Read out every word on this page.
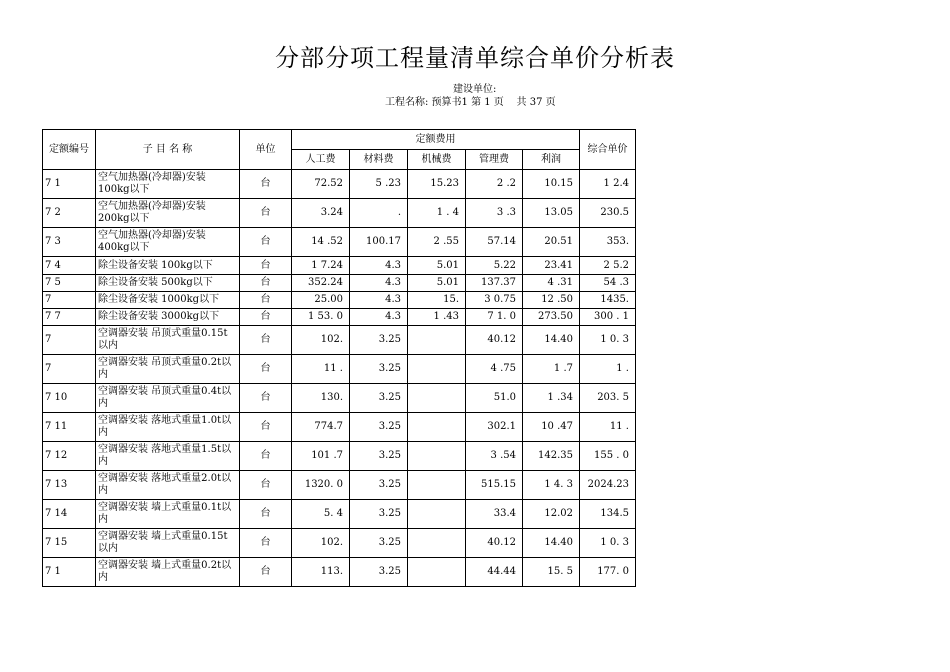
分部分项工程量清单综合单价分析表
建设单位:
工程名称: 预算书1 第 1 页    共 37 页
定额编号	子 目 名 称	单位	定额费用					综合单价
			人工费	材料费	机械费	管理费	利润	
7 1	空气加热器(冷却器)安装100kg以下	台	72.52	5 .23	15.23	2 .2	10.15	1 2.4
7 2	空气加热器(冷却器)安装200kg以下	台	3.24	.	1 . 4	3 .3	13.05	230.5
7 3	空气加热器(冷却器)安装400kg以下	台	14 .52	100.17	2 .55	57.14	20.51	353.
7 4	除尘设备安装 100kg以下	台	1 7.24	4.3	5.01	5.22	23.41	2 5.2
7 5	除尘设备安装 500kg以下	台	352.24	4.3	5.01	137.37	4 .31	54 .3
7	除尘设备安装 1000kg以下	台	25.00	4.3	15.	3 0.75	12 .50	1435.
7 7	除尘设备安装 3000kg以下	台	1 53. 0	4.3	1 .43	7 1. 0	273.50	300 . 1
7	空调器安装 吊顶式重量0.15t以内	台	102.	3.25		40.12	14.40	1 0. 3
7	空调器安装 吊顶式重量0.2t以内	台	11 .	3.25		4 .75	1 .7	1 .
7 10	空调器安装 吊顶式重量0.4t以内	台	130.	3.25		51.0	1 .34	203. 5
7 11	空调器安装 落地式重量1.0t以内	台	774.7	3.25		302.1	10 .47	11 .
7 12	空调器安装 落地式重量1.5t以内	台	101 .7	3.25		3 .54	142.35	155 . 0
7 13	空调器安装 落地式重量2.0t以内	台	1320. 0	3.25		515.15	1 4. 3	2024.23
7 14	空调器安装 墙上式重量0.1t以内	台	5. 4	3.25		33.4	12.02	134.5
7 15	空调器安装 墙上式重量0.15t以内	台	102.	3.25		40.12	14.40	1 0. 3
7 1	空调器安装 墙上式重量0.2t以内	台	113.	3.25		44.44	15. 5	177. 0
